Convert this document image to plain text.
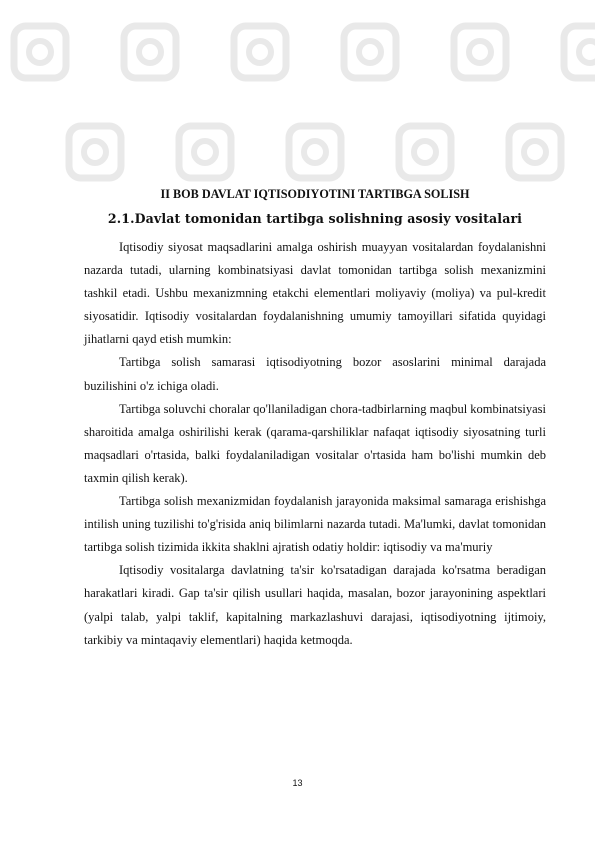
II BOB DAVLAT IQTISODIYOTINI TARTIBGA SOLISH
2.1.Davlat tomonidan tartibga solishning asosiy vositalari

Iqtisodiy siyosat maqsadlarini amalga oshirish muayyan vositalardan foydalanishni nazarda tutadi, ularning kombinatsiyasi davlat tomonidan tartibga solish mexanizmini tashkil etadi. Ushbu mexanizmning etakchi elementlari moliyaviy (moliya) va pul-kredit siyosatidir. Iqtisodiy vositalardan foydalanishning umumiy tamoyillari sifatida quyidagi jihatlarni qayd etish mumkin:

Tartibga solish samarasi iqtisodiyotning bozor asoslarini minimal darajada buzilishini o'z ichiga oladi.

Tartibga soluvchi choralar qo'llaniladigan chora-tadbirlarning maqbul kombinatsiyasi sharoitida amalga oshirilishi kerak (qarama-qarshiliklar nafaqat iqtisodiy siyosatning turli maqsadlari o'rtasida, balki foydalaniladigan vositalar o'rtasida ham bo'lishi mumkin deb taxmin qilish kerak).

Tartibga solish mexanizmidan foydalanish jarayonida maksimal samaraga erishishga intilish uning tuzilishi to'g'risida aniq bilimlarni nazarda tutadi. Ma'lumki, davlat tomonidan tartibga solish tizimida ikkita shaklni ajratish odatiy holdir: iqtisodiy va ma'muriy

Iqtisodiy vositalarga davlatning ta'sir ko'rsatadigan darajada ko'rsatma beradigan harakatlari kiradi. Gap ta'sir qilish usullari haqida, masalan, bozor jarayonining aspektlari (yalpi talab, yalpi taklif, kapitalning markazlashuvi darajasi, iqtisodiyotning ijtimoiy, tarkibiy va mintaqaviy elementlari) haqida ketmoqda.

13
